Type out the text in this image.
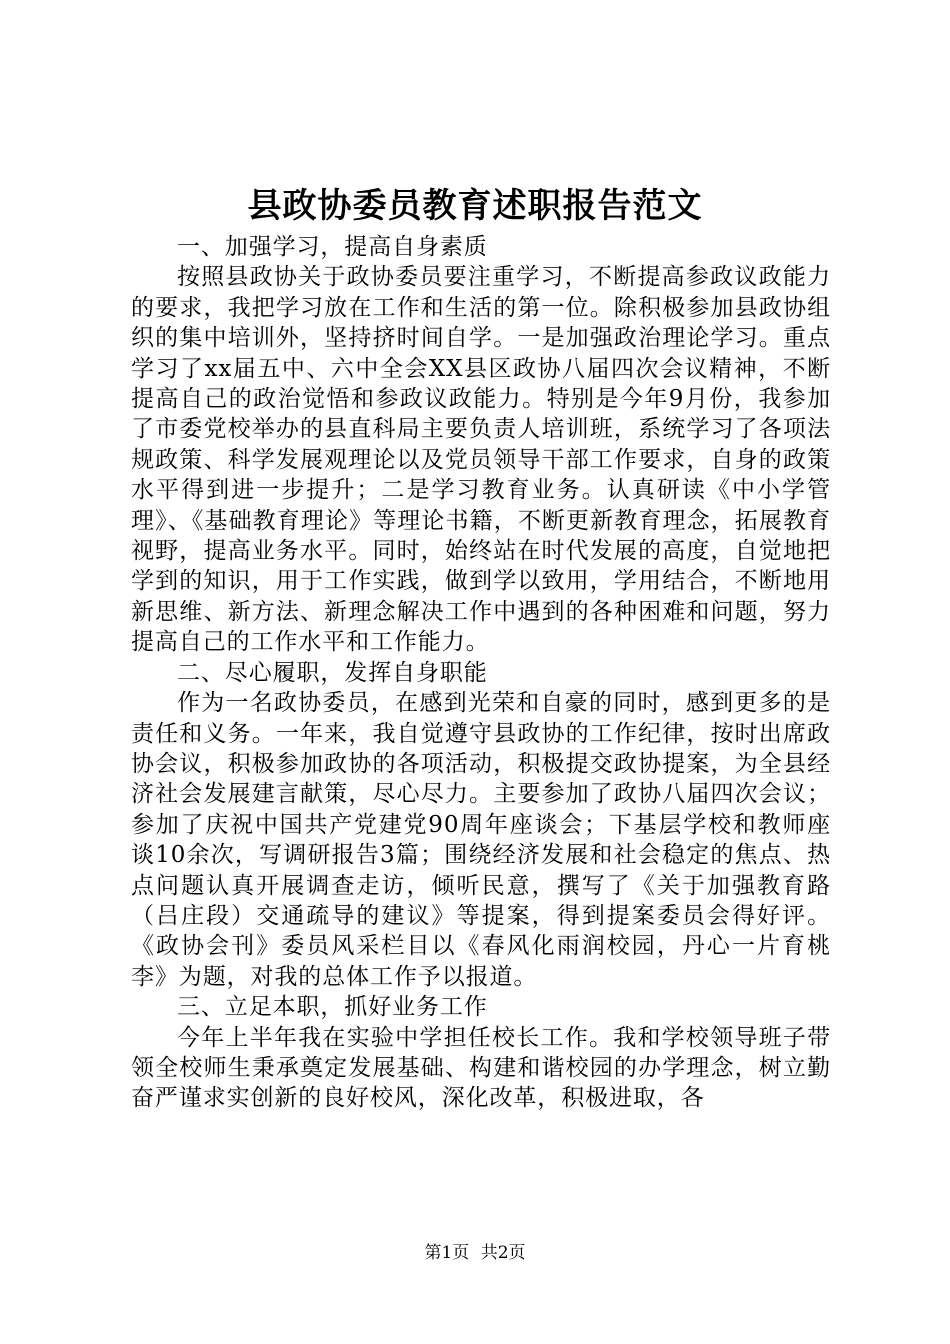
县政协委员教育述职报告范文

一、加强学习，提高自身素质

按照县政协关于政协委员要注重学习，不断提高参政议政能力的要求，我把学习放在工作和生活的第一位。除积极参加县政协组织的集中培训外，坚持挤时间自学。一是加强政治理论学习。重点学习了xx届五中、六中全会XX县区政协八届四次会议精神，不断提高自己的政治觉悟和参政议政能力。特别是今年9月份，我参加了市委党校举办的县直科局主要负责人培训班，系统学习了各项法规政策、科学发展观理论以及党员领导干部工作要求，自身的政策水平得到进一步提升；二是学习教育业务。认真研读《中小学管理》、《基础教育理论》等理论书籍，不断更新教育理念，拓展教育视野，提高业务水平。同时，始终站在时代发展的高度，自觉地把学到的知识，用于工作实践，做到学以致用，学用结合，不断地用新思维、新方法、新理念解决工作中遇到的各种困难和问题，努力提高自己的工作水平和工作能力。

二、尽心履职，发挥自身职能

作为一名政协委员，在感到光荣和自豪的同时，感到更多的是责任和义务。一年来，我自觉遵守县政协的工作纪律，按时出席政协会议，积极参加政协的各项活动，积极提交政协提案，为全县经济社会发展建言献策，尽心尽力。主要参加了政协八届四次会议；参加了庆祝中国共产党建党90周年座谈会；下基层学校和教师座谈10余次，写调研报告3篇；围绕经济发展和社会稳定的焦点、热点问题认真开展调查走访，倾听民意，撰写了《关于加强教育路（吕庄段）交通疏导的建议》等提案，得到提案委员会得好评。《政协会刊》委员风采栏目以《春风化雨润校园，丹心一片育桃李》为题，对我的总体工作予以报道。

三、立足本职，抓好业务工作

今年上半年我在实验中学担任校长工作。我和学校领导班子带领全校师生秉承奠定发展基础、构建和谐校园的办学理念，树立勤奋严谨求实创新的良好校风，深化改革，积极进取，各

第1页 共2页
